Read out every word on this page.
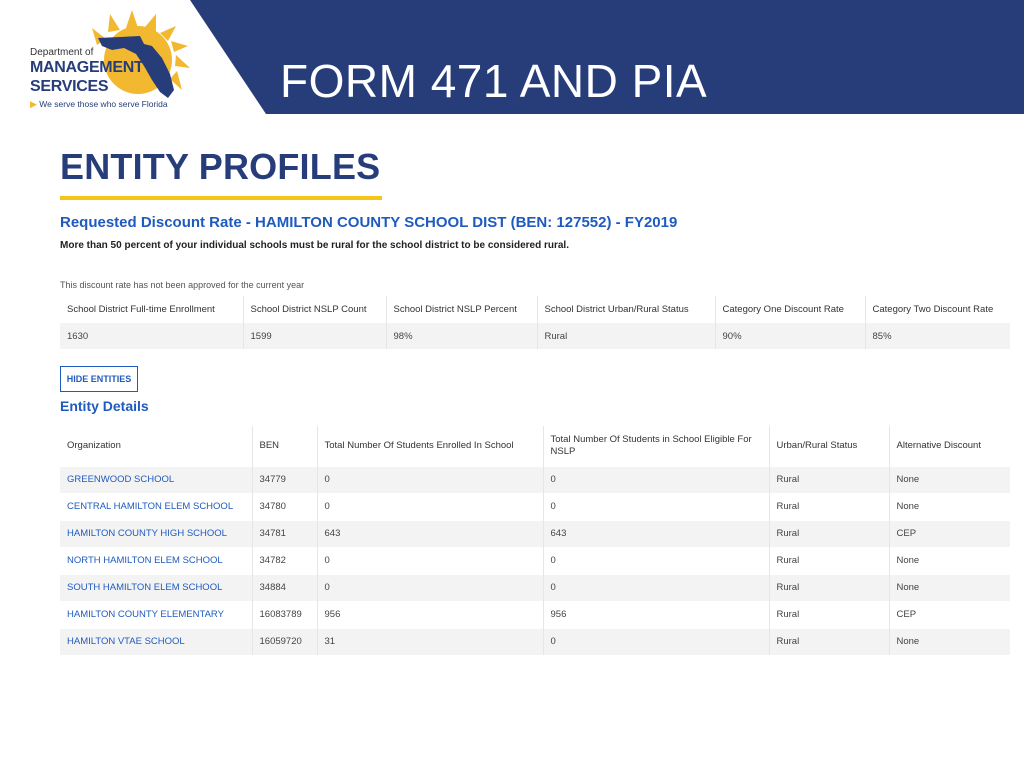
Department of
MANAGEMENT
SERVICES
▶ We serve those who serve Florida FORM 471 AND PIA
ENTITY PROFILES
Requested Discount Rate - HAMILTON COUNTY SCHOOL DIST (BEN: 127552) - FY2019
More than 50 percent of your individual schools must be rural for the school district to be considered rural.
This discount rate has not been approved for the current year
School District Full-time Enrollment	School District NSLP Count	School District NSLP Percent	School District Urban/Rural Status	Category One Discount Rate	Category Two Discount Rate
1630	1599	98%	Rural	90%	85%
HIDE ENTITIES
Entity Details
Organization	BEN	Total Number Of Students Enrolled In School	Total Number Of Students in School Eligible For NSLP	Urban/Rural Status	Alternative Discount
GREENWOOD SCHOOL	34779	0	0	Rural	None
CENTRAL HAMILTON ELEM SCHOOL	34780	0	0	Rural	None
HAMILTON COUNTY HIGH SCHOOL	34781	643	643	Rural	CEP
NORTH HAMILTON ELEM SCHOOL	34782	0	0	Rural	None
SOUTH HAMILTON ELEM SCHOOL	34884	0	0	Rural	None
HAMILTON COUNTY ELEMENTARY	16083789	956	956	Rural	CEP
HAMILTON VTAE SCHOOL	16059720	31	0	Rural	None
